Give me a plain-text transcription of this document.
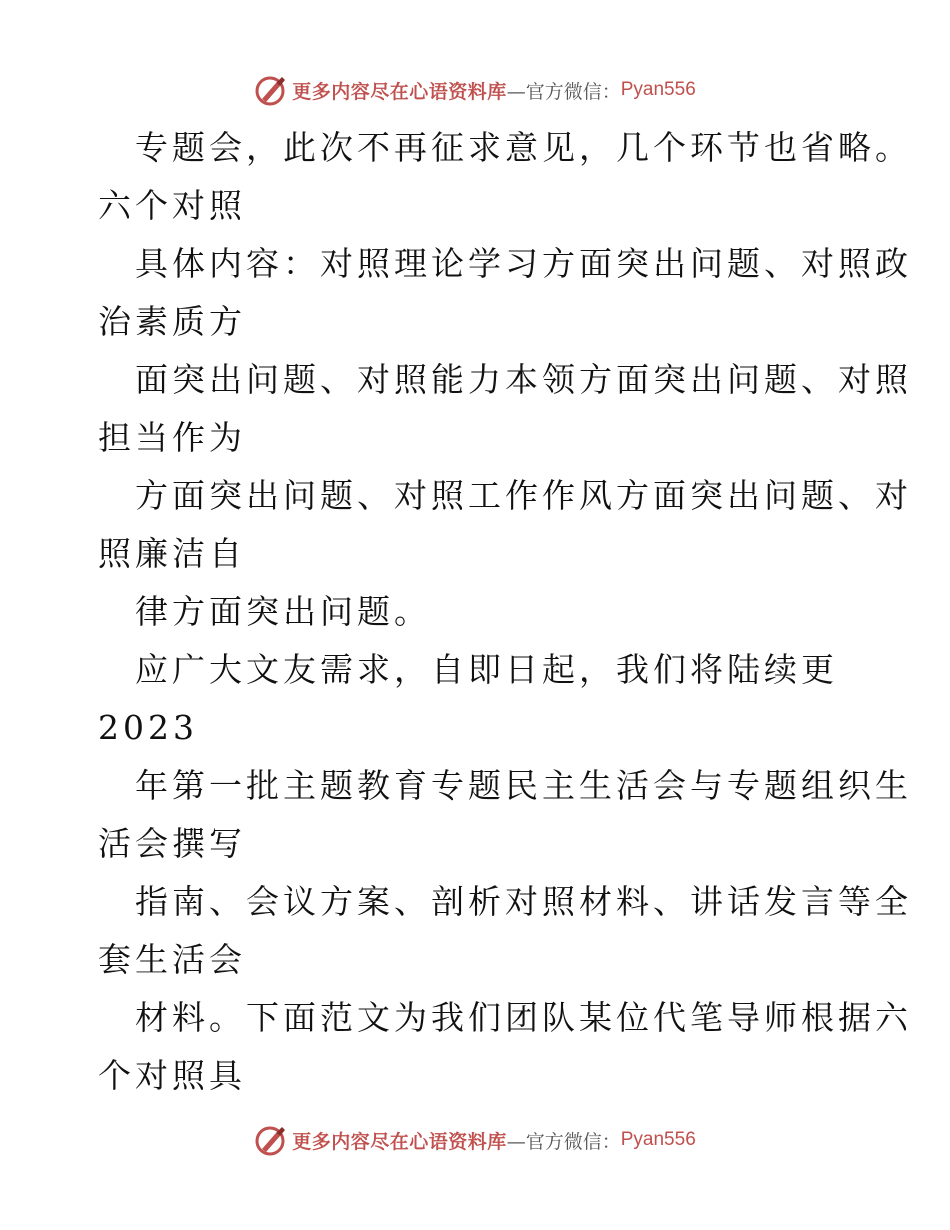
更多内容尽在心语资料库 —官方微信： Pyan556
专题会，此次不再征求意见，几个环节也省略。
六个对照
具体内容：对照理论学习方面突出问题、对照政
治素质方
面突出问题、对照能力本领方面突出问题、对照
担当作为
方面突出问题、对照工作作风方面突出问题、对
照廉洁自
律方面突出问题。
应广大文友需求，自即日起，我们将陆续更
2023
年第一批主题教育专题民主生活会与专题组织生
活会撰写
指南、会议方案、剖析对照材料、讲话发言等全
套生活会
材料。下面范文为我们团队某位代笔导师根据六
个对照具
更多内容尽在心语资料库 —官方微信： Pyan556
